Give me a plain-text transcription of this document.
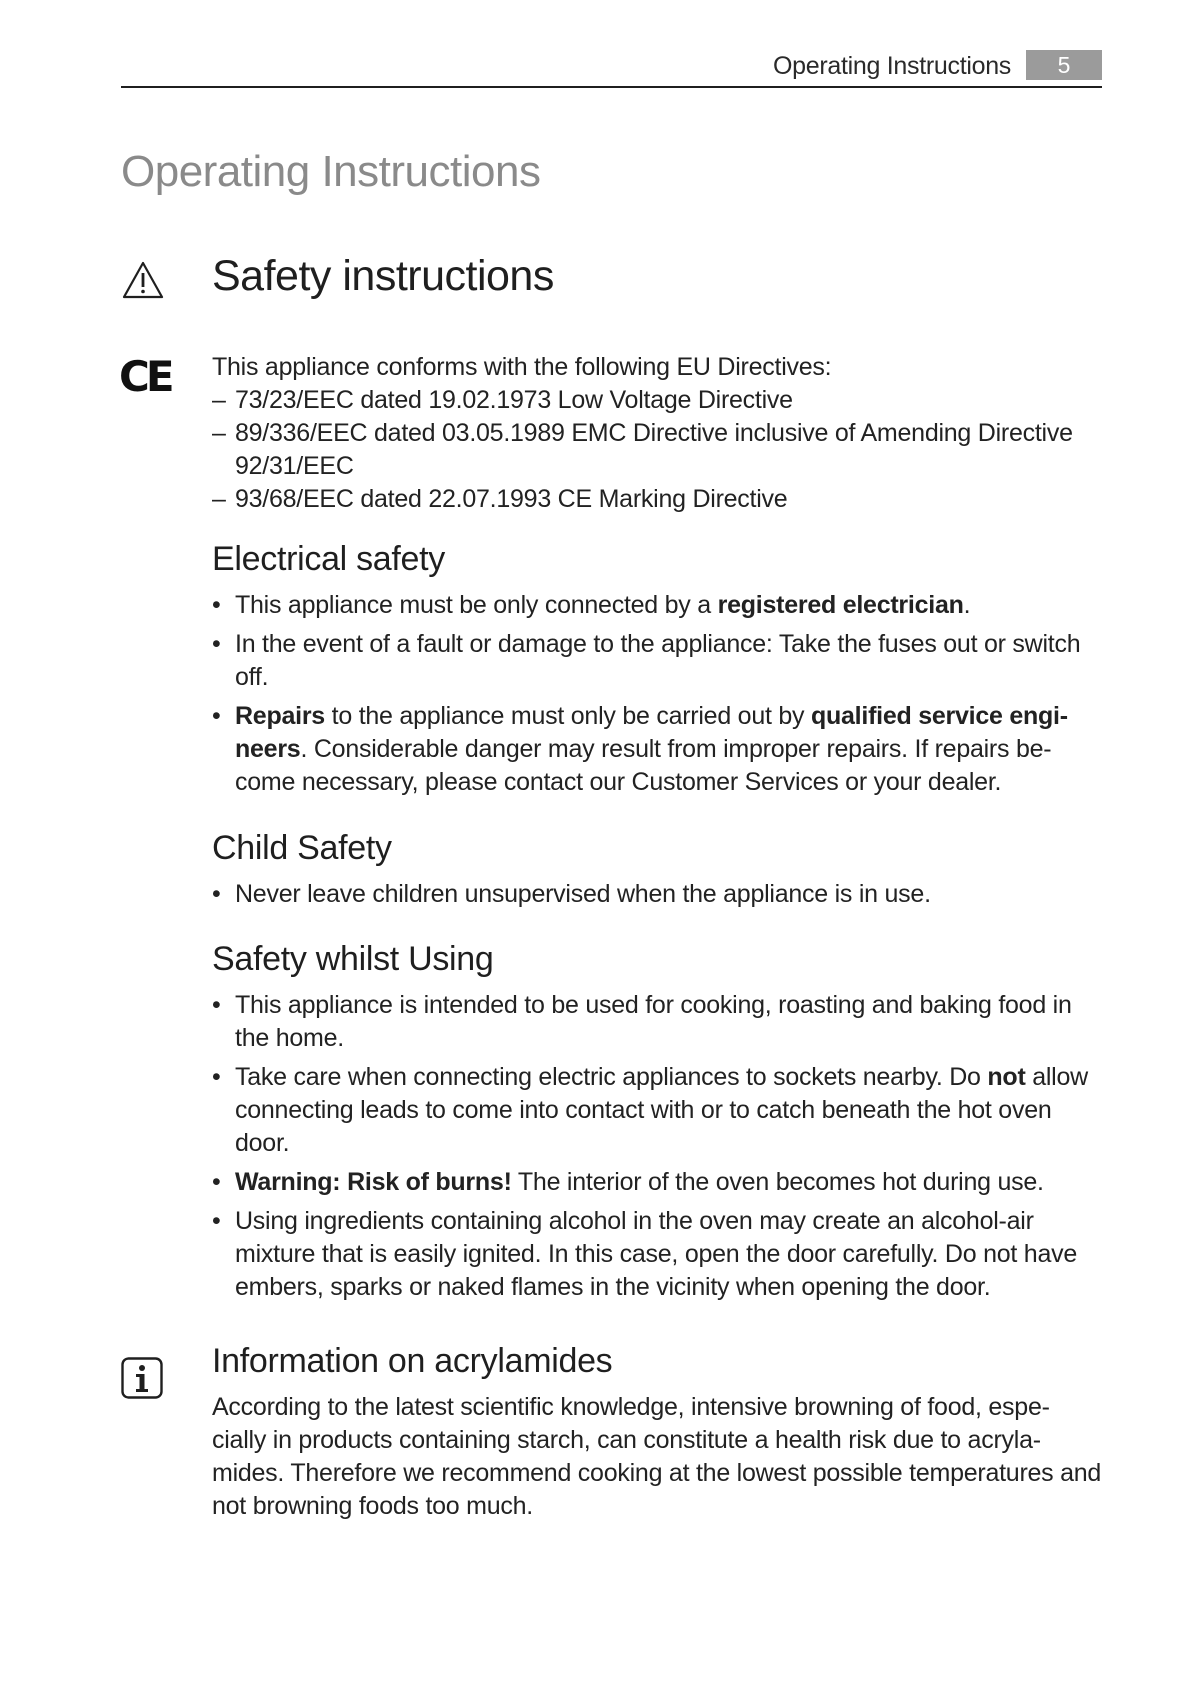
Operating Instructions	5
Operating Instructions
Safety instructions
CE This appliance conforms with the following EU Directives:

– 73/23/EEC dated 19.02.1973 Low Voltage Directive

– 89/336/EEC dated 03.05.1989 EMC Directive inclusive of Amending Directive 92/31/EEC

– 93/68/EEC dated 22.07.1993 CE Marking Directive

Electrical safety

• This appliance must be only connected by a registered electrician.

• In the event of a fault or damage to the appliance: Take the fuses out or switch off.

• Repairs to the appliance must only be carried out by qualified service engi-neers. Considerable danger may result from improper repairs. If repairs be-come necessary, please contact our Customer Services or your dealer.

Child Safety

• Never leave children unsupervised when the appliance is in use.

Safety whilst Using

• This appliance is intended to be used for cooking, roasting and baking food in the home.

• Take care when connecting electric appliances to sockets nearby. Do not allow connecting leads to come into contact with or to catch beneath the hot oven door.

• Warning: Risk of burns! The interior of the oven becomes hot during use.

• Using ingredients containing alcohol in the oven may create an alcohol-air mixture that is easily ignited. In this case, open the door carefully. Do not have embers, sparks or naked flames in the vicinity when opening the door.

Information on acrylamides

According to the latest scientific knowledge, intensive browning of food, espe-cially in products containing starch, can constitute a health risk due to acryla-mides. Therefore we recommend cooking at the lowest possible temperatures and not browning foods too much.
